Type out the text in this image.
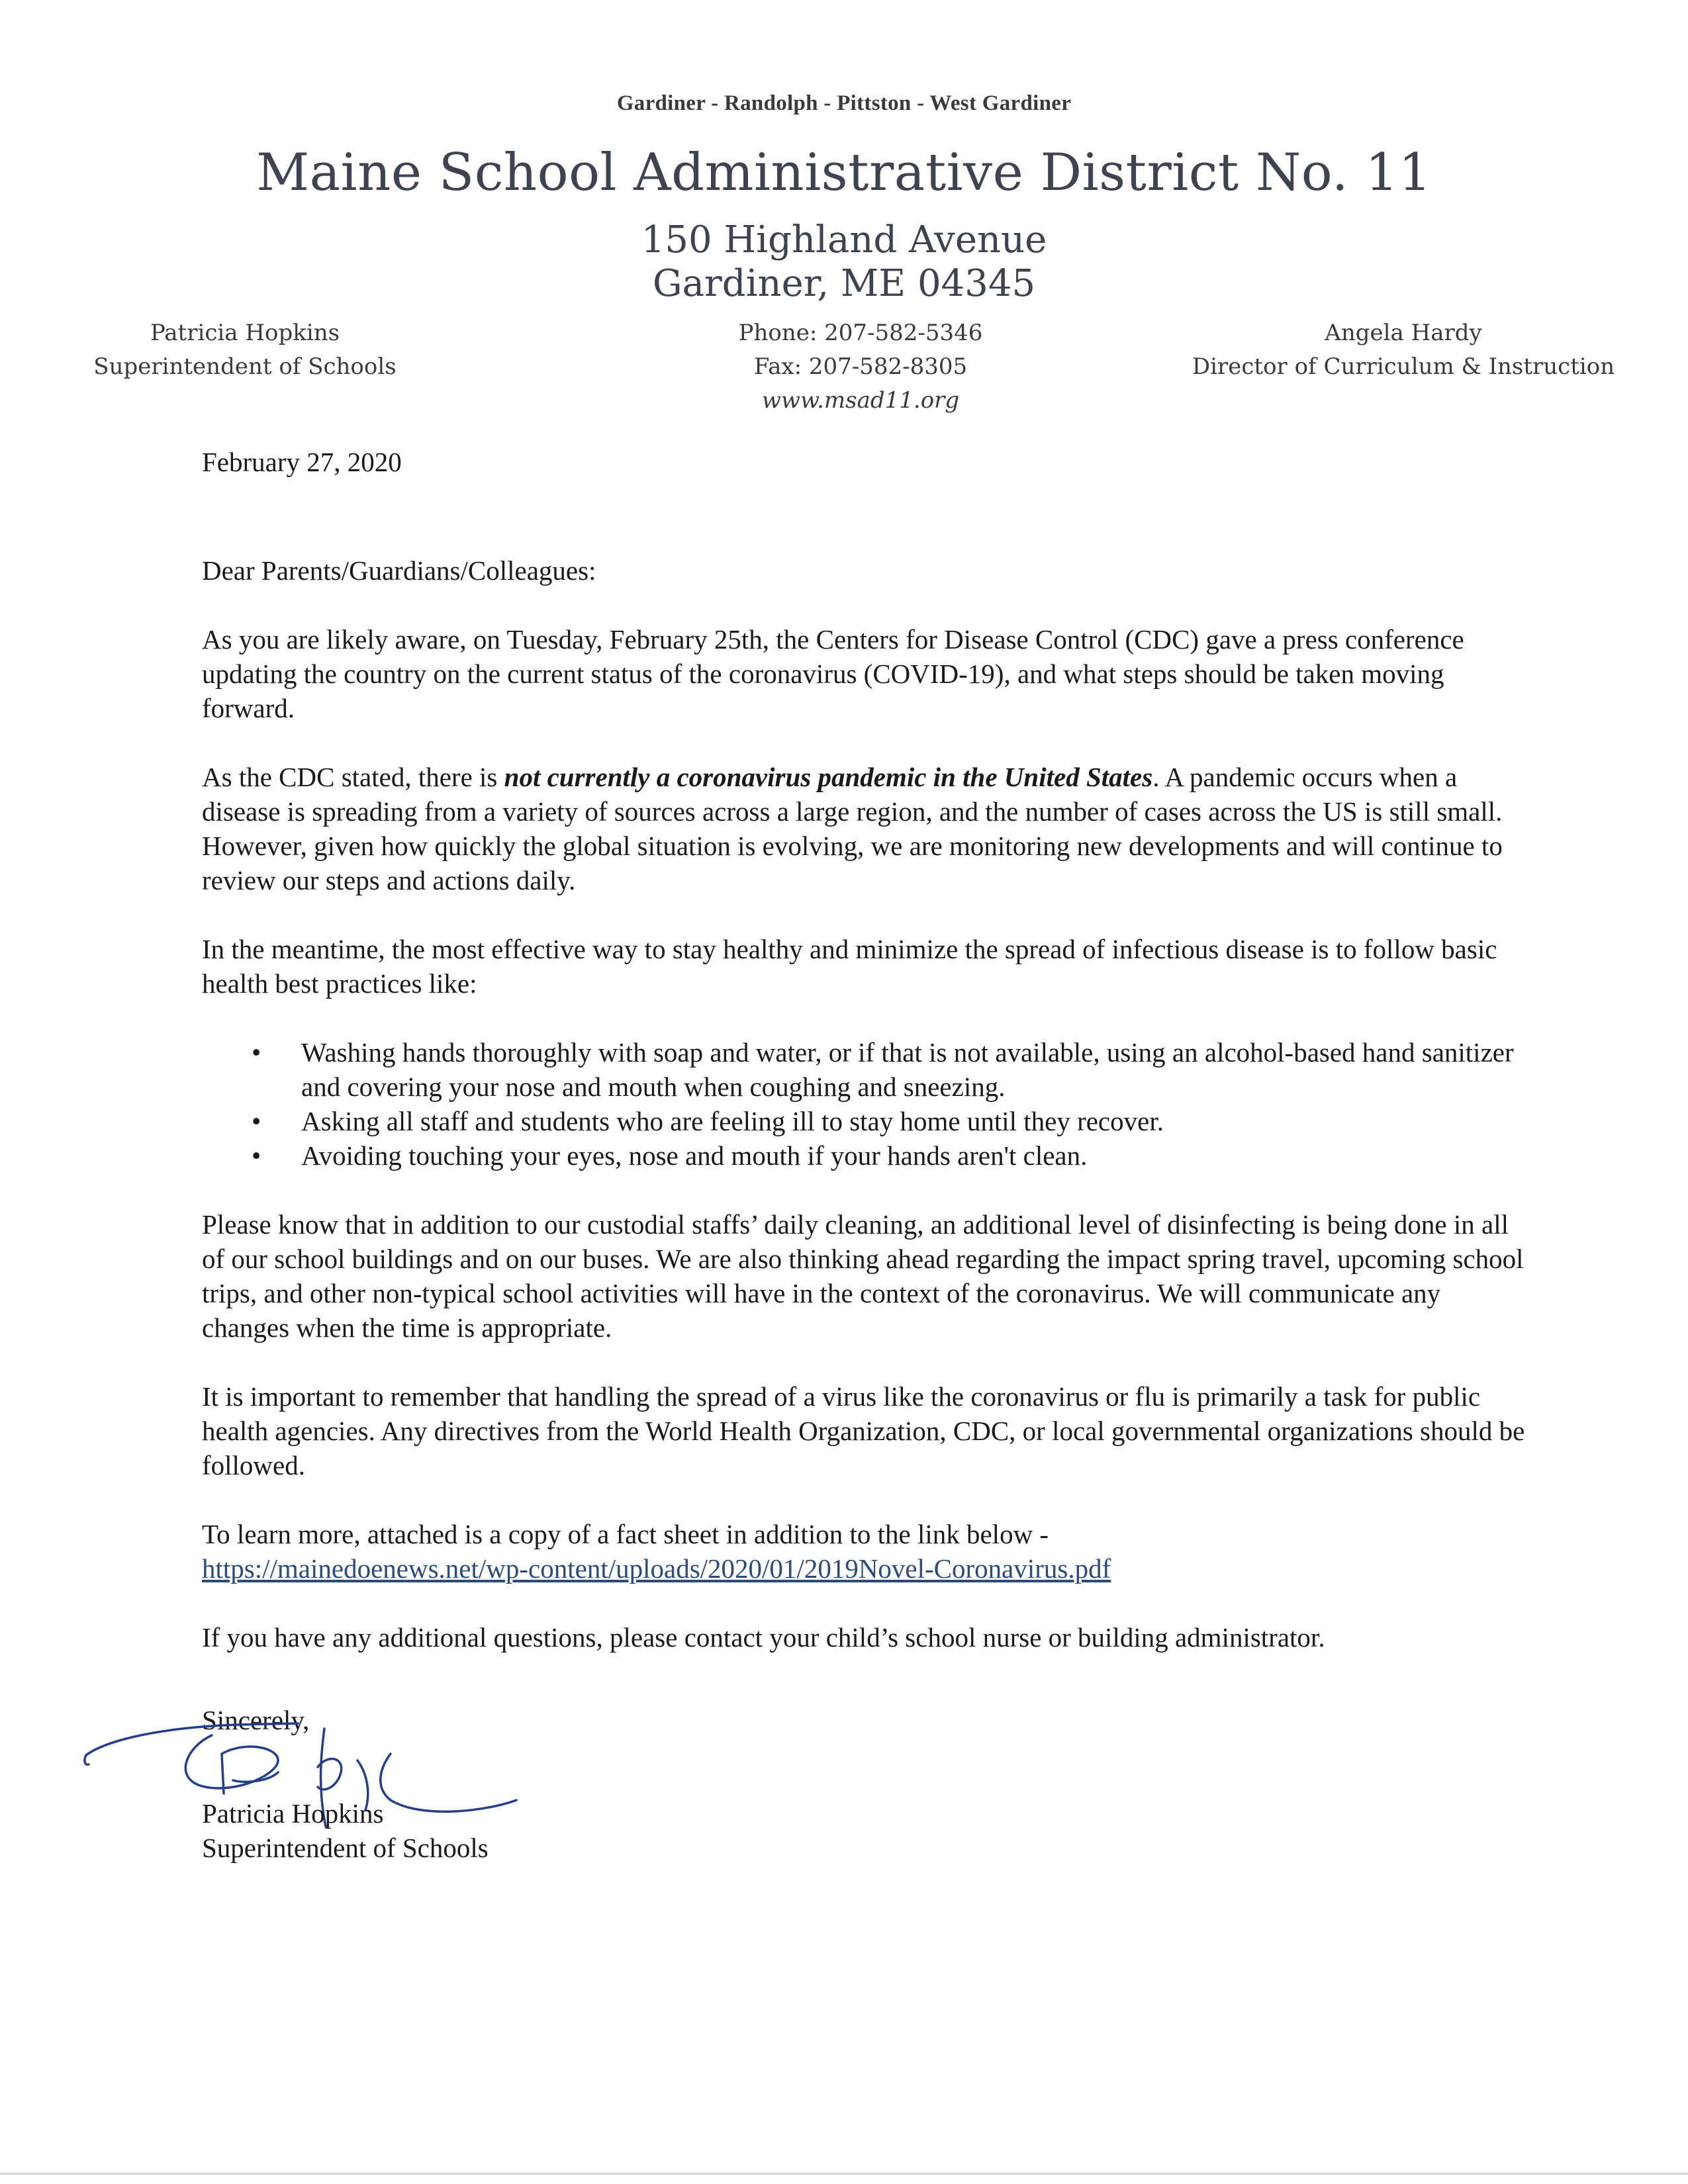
Gardiner - Randolph - Pittston - West Gardiner
Maine School Administrative District No. 11
150 Highland Avenue
Gardiner, ME 04345
Patricia Hopkins
Superintendent of Schools
Phone: 207-582-5346
Fax: 207-582-8305
www.msad11.org
Angela Hardy
Director of Curriculum & Instruction
February 27, 2020
Dear Parents/Guardians/Colleagues:
As you are likely aware, on Tuesday, February 25th, the Centers for Disease Control (CDC) gave a press conference updating the country on the current status of the coronavirus (COVID-19), and what steps should be taken moving forward.
As the CDC stated, there is not currently a coronavirus pandemic in the United States. A pandemic occurs when a disease is spreading from a variety of sources across a large region, and the number of cases across the US is still small. However, given how quickly the global situation is evolving, we are monitoring new developments and will continue to review our steps and actions daily.
In the meantime, the most effective way to stay healthy and minimize the spread of infectious disease is to follow basic health best practices like:
• Washing hands thoroughly with soap and water, or if that is not available, using an alcohol-based hand sanitizer and covering your nose and mouth when coughing and sneezing.
• Asking all staff and students who are feeling ill to stay home until they recover.
• Avoiding touching your eyes, nose and mouth if your hands aren't clean.
Please know that in addition to our custodial staffs’ daily cleaning, an additional level of disinfecting is being done in all of our school buildings and on our buses. We are also thinking ahead regarding the impact spring travel, upcoming school trips, and other non-typical school activities will have in the context of the coronavirus. We will communicate any changes when the time is appropriate.
It is important to remember that handling the spread of a virus like the coronavirus or flu is primarily a task for public health agencies. Any directives from the World Health Organization, CDC, or local governmental organizations should be followed.
To learn more, attached is a copy of a fact sheet in addition to the link below -
https://mainedoenews.net/wp-content/uploads/2020/01/2019Novel-Coronavirus.pdf
If you have any additional questions, please contact your child’s school nurse or building administrator.
Sincerely,
Patricia Hopkins
Superintendent of Schools
